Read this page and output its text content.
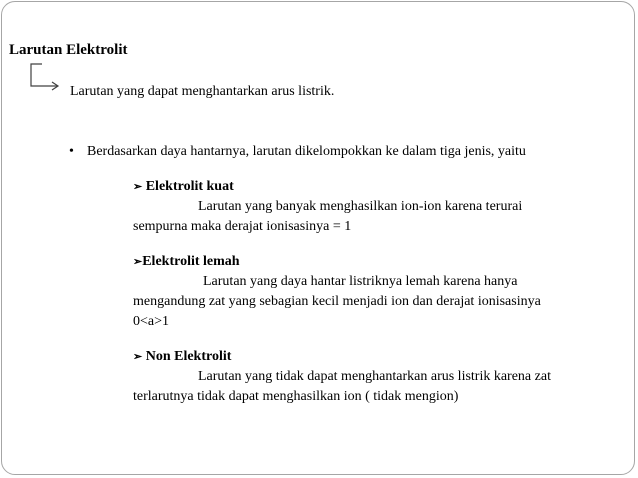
Larutan Elektrolit
Larutan yang dapat menghantarkan arus listrik.
• Berdasarkan daya hantarnya, larutan dikelompokkan ke dalam tiga jenis, yaitu
➢ Elektrolit kuat
Larutan yang banyak menghasilkan ion-ion karena terurai
sempurna maka derajat ionisasinya = 1
➢Elektrolit lemah
Larutan yang daya hantar listriknya lemah karena hanya
mengandung zat yang sebagian kecil menjadi ion dan derajat ionisasinya
0<a>1
➢ Non Elektrolit
Larutan yang tidak dapat menghantarkan arus listrik karena zat
terlarutnya tidak dapat menghasilkan ion ( tidak mengion)
